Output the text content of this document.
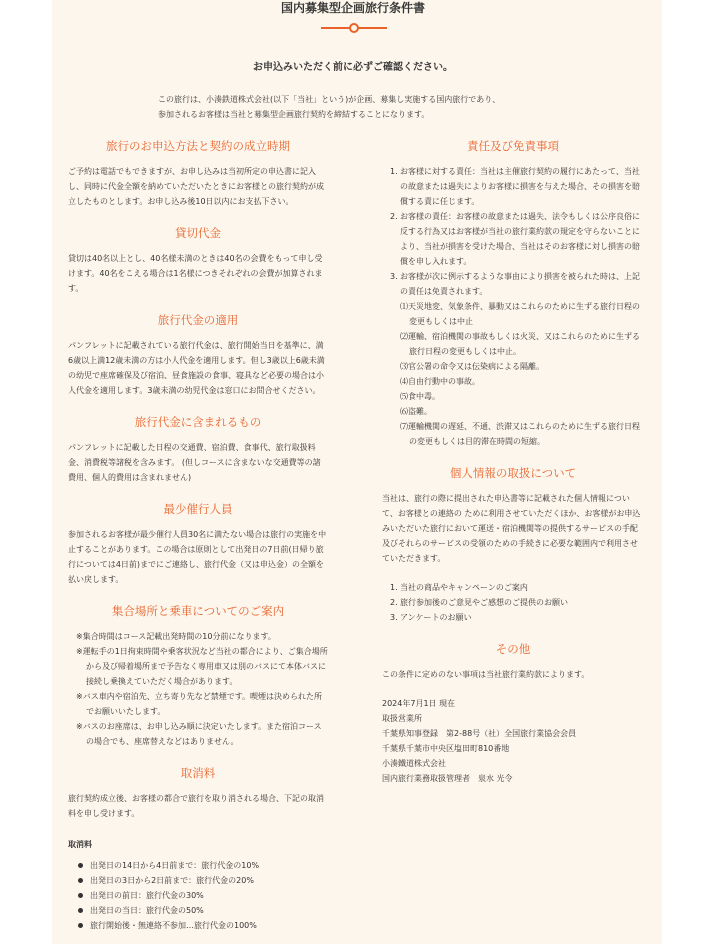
国内募集型企画旅行条件書
お申込みいただく前に必ずご確認ください。

この旅行は、小湊鉄道株式会社(以下「当社」という)が企画、募集し実施する国内旅行であり、

参加されるお客様は当社と募集型企画旅行契約を締結することになります。

旅行のお申込方法と契約の成立時期

ご予約は電話でもできますが、お申し込みは当初所定の申込書に記入し、同時に代金全額を納めていただいたときにお客様との旅行契約が成立したものとします。お申し込み後10日以内にお支払下さい。

貸切代金

貸切は40名以上とし、40名様未満のときは40名の会費をもって申し受けます。40名をこえる場合は1名様につきそれぞれの会費が加算されます。

旅行代金の適用

パンフレットに記載されている旅行代金は、旅行開始当日を基準に、満6歳以上満12歳未満の方は小人代金を適用します。但し3歳以上6歳未満の幼児で座席確保及び宿泊、昼食施設の食事、寝具など必要の場合は小人代金を適用します。3歳未満の幼児代金は窓口にお問合せください。

旅行代金に含まれるもの

パンフレットに記載した日程の交通費、宿泊費、食事代、旅行取扱料金、消費税等諸税を含みます。 (但しコースに含まないな交通費等の諸費用、個人的費用は含まれません)

最少催行人員

参加されるお客様が最少催行人員30名に満たない場合は旅行の実施を中止することがあります。この場合は原則として出発日の7日前(日帰り旅行については4日前)までにご連絡し、旅行代金（又は申込金）の全額を払い戻します。

集合場所と乗車についてのご案内
※集合時間はコース記載出発時間の10分前になります。
※運転手の1日拘束時間や乗客状況など当社の都合により、ご集合場所から及び帰着場所まで予告なく専用車又は別のバスにて本体バスに接続し乗換えていただく場合があります。
※バス車内や宿泊先、立ち寄り先など禁煙です。喫煙は決められた所でお願いいたします。
※バスのお座席は、お申し込み順に決定いたします。また宿泊コースの場合でも、座席替えなどはありません。
取消料

旅行契約成立後、お客様の都合で旅行を取り消される場合、下記の取消料を申し受けます。

取消料
出発日の14日から4日前まで：旅行代金の10%
出発日の3日から2日前まで：旅行代金の20%
出発日の前日：旅行代金の30%
出発日の当日：旅行代金の50%
旅行開始後・無連絡不参加…旅行代金の100%
責任及び免責事項
1. お客様に対する責任：当社は主催旅行契約の履行にあたって、当社の故意または過失によりお客様に損害を与えた場合、その損害を賠償する責に任じます。
2. お客様の責任：お客様の故意または過失、法令もしくは公序良俗に反する行為又はお客様が当社の旅行業約款の規定を守らないことにより、当社が損害を受けた場合、当社はそのお客様に対し損害の賠償を申し入れます。
3. お客様が次に例示するような事由により損害を被られた時は、上記の責任は免責されます。
⑴天災地変、気象条件、暴動又はこれらのために生ずる旅行日程の変更もしくは中止
⑵運輸、宿泊機関の事故もしくは火災、又はこれらのために生ずる旅行日程の変更もしくは中止。
⑶官公署の命令又は伝染病による隔離。
⑷自由行動中の事故。
⑸食中毒。
⑹盗難。
⑺運輸機関の遅延、不通、渋滞又はこれらのために生ずる旅行日程の変更もしくは目的滞在時間の短縮。
個人情報の取扱について

当社は、旅行の際に提出された申込書等に記載された個人情報について、お客様との連絡の ために利用させていただくほか、お客様がお申込みいただいた旅行において運送・宿泊機関等の提供するサービスの手配及びそれらのサービスの受領のための手続きに必要な範囲内で利用させていただきます。

1. 当社の商品やキャンペーンのご案内
2. 旅行参加後のご意見やご感想のご提供のお願い
3. アンケートのお願い
その他

この条件に定めのない事項は当社旅行業約款によります。

2024年7月1日 現在

取扱営業所

千葉県知事登録　第2-88号（社）全国旅行業協会会員

千葉県千葉市中央区塩田町810番地

小湊鐵道株式会社

国内旅行業務取扱管理者　泉水 光令
